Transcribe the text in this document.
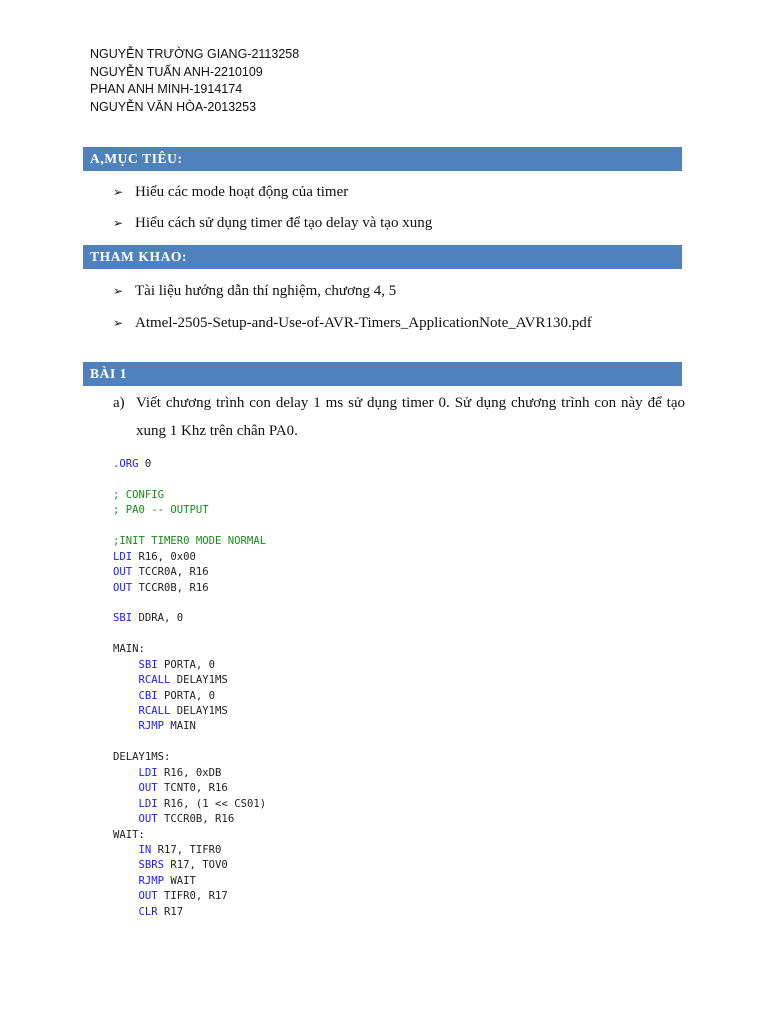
NGUYỄN TRƯỜNG GIANG-2113258
NGUYỄN TUẤN ANH-2210109
PHAN ANH MINH-1914174
NGUYỄN VĂN HÒA-2013253
A,MỤC TIÊU:
➢ Hiểu các mode hoạt động của timer
➢ Hiểu cách sử dụng timer để tạo delay và tạo xung
THAM KHAO:
➢ Tài liệu hướng dẫn thí nghiệm, chương 4, 5
➢ Atmel-2505-Setup-and-Use-of-AVR-Timers_ApplicationNote_AVR130.pdf
BÀI 1
a) Viết chương trình con delay 1 ms sử dụng timer 0. Sử dụng chương trình con này để tạo xung 1 Khz trên chân PA0.
.ORG 0
; CONFIG
; PA0 -- OUTPUT
;INIT TIMER0 MODE NORMAL
LDI R16, 0x00
OUT TCCR0A, R16
OUT TCCR0B, R16
SBI DDRA, 0
MAIN:
SBI PORTA, 0
RCALL DELAY1MS
CBI PORTA, 0
RCALL DELAY1MS
RJMP MAIN
DELAY1MS:
LDI R16, 0xDB
OUT TCNT0, R16
LDI R16, (1 << CS01)
OUT TCCR0B, R16
WAIT:
IN R17, TIFR0
SBRS R17, TOV0
RJMP WAIT
OUT TIFR0, R17
CLR R17
